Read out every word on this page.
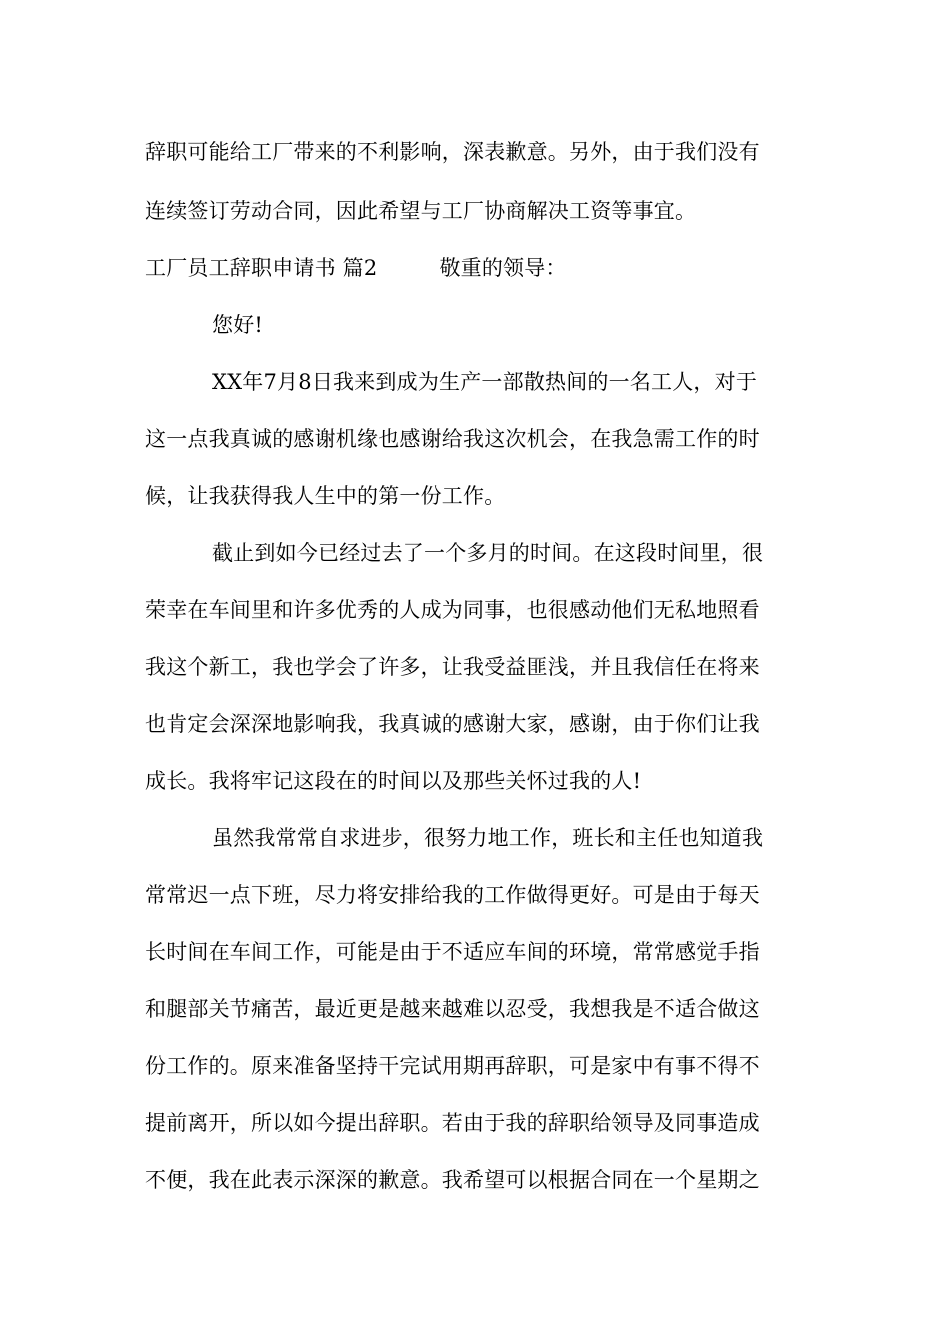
辞职可能给工厂带来的不利影响，深表歉意。另外，由于我们没有
连续签订劳动合同，因此希望与工厂协商解决工资等事宜。
工厂员工辞职申请书 篇2	敬重的领导：
您好!
XX年7月8日我来到成为生产一部散热间的一名工人，对于
这一点我真诚的感谢机缘也感谢给我这次机会，在我急需工作的时
候，让我获得我人生中的第一份工作。
截止到如今已经过去了一个多月的时间。在这段时间里，很
荣幸在车间里和许多优秀的人成为同事，也很感动他们无私地照看
我这个新工，我也学会了许多，让我受益匪浅，并且我信任在将来
也肯定会深深地影响我，我真诚的感谢大家，感谢，由于你们让我
成长。我将牢记这段在的时间以及那些关怀过我的人!
虽然我常常自求进步，很努力地工作，班长和主任也知道我
常常迟一点下班，尽力将安排给我的工作做得更好。可是由于每天
长时间在车间工作，可能是由于不适应车间的环境，常常感觉手指
和腿部关节痛苦，最近更是越来越难以忍受，我想我是不适合做这
份工作的。原来准备坚持干完试用期再辞职，可是家中有事不得不
提前离开，所以如今提出辞职。若由于我的辞职给领导及同事造成
不便，我在此表示深深的歉意。我希望可以根据合同在一个星期之
